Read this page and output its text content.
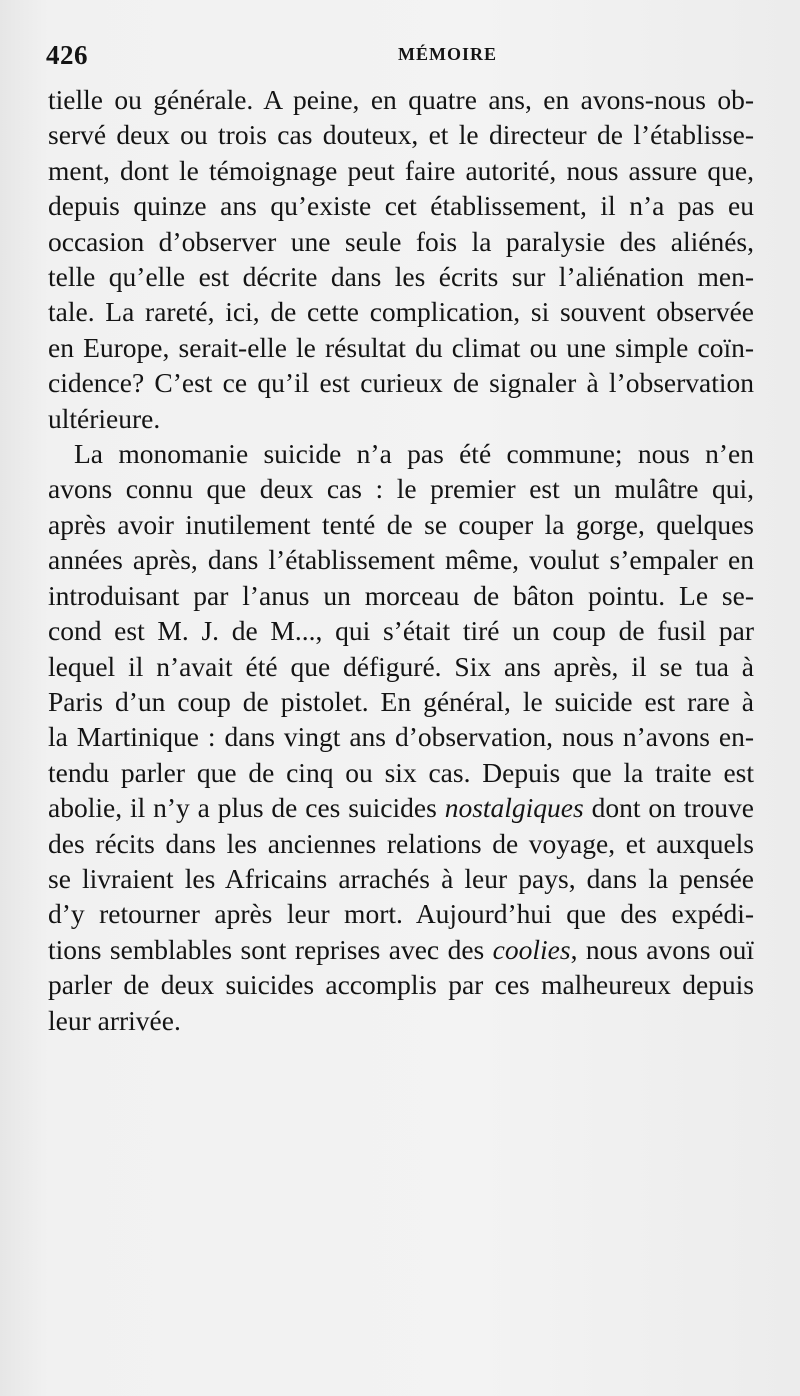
426	MÉMOIRE

tielle ou générale. A peine, en quatre ans, en avons-nous ob-
servé deux ou trois cas douteux, et le directeur de l’établisse-
ment, dont le témoignage peut faire autorité, nous assure que,
depuis quinze ans qu’existe cet établissement, il n’a pas eu
occasion d’observer une seule fois la paralysie des aliénés,
telle qu’elle est décrite dans les écrits sur l’aliénation men-
tale. La rareté, ici, de cette complication, si souvent observée
en Europe, serait-elle le résultat du climat ou une simple coïn-
cidence? C’est ce qu’il est curieux de signaler à l’observation
ultérieure.

La monomanie suicide n’a pas été commune; nous n’en
avons connu que deux cas : le premier est un mulâtre qui,
après avoir inutilement tenté de se couper la gorge, quelques
années après, dans l’établissement même, voulut s’empaler en
introduisant par l’anus un morceau de bâton pointu. Le se-
cond est M. J. de M..., qui s’était tiré un coup de fusil par
lequel il n’avait été que défiguré. Six ans après, il se tua à
Paris d’un coup de pistolet. En général, le suicide est rare à
la Martinique : dans vingt ans d’observation, nous n’avons en-
tendu parler que de cinq ou six cas. Depuis que la traite est
abolie, il n’y a plus de ces suicides nostalgiques dont on trouve
des récits dans les anciennes relations de voyage, et auxquels
se livraient les Africains arrachés à leur pays, dans la pensée
d’y retourner après leur mort. Aujourd’hui que des expédi-
tions semblables sont reprises avec des coolies, nous avons ouï
parler de deux suicides accomplis par ces malheureux depuis
leur arrivée.
